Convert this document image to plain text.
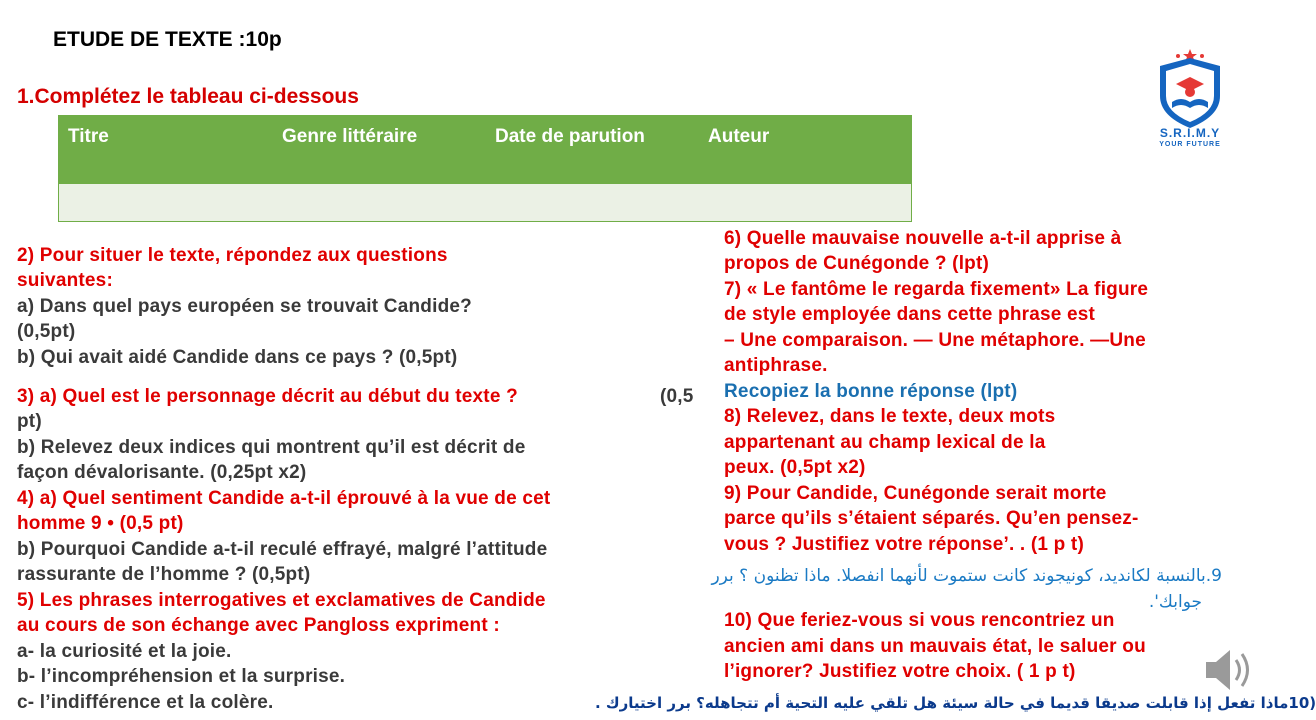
ETUDE DE TEXTE :10p
S.R.I.M.Y
YOUR FUTURE
1.Complétez le tableau ci-dessous
Titre	Genre littéraire	Date de parution	Auteur
2) Pour situer le texte, répondez aux questions
suivantes:
a) Dans quel pays européen se trouvait Candide?
(0,5pt)
b) Qui avait aidé Candide dans ce pays ? (0,5pt)
3) a) Quel est le personnage décrit au début du texte ?	(0,5
pt)
b) Relevez deux indices qui montrent qu’il est décrit de
façon dévalorisante. (0,25pt x2)
4) a) Quel sentiment Candide a-t-il éprouvé à la vue de cet
homme 9 • (0,5 pt)
b) Pourquoi Candide a-t-il reculé effrayé, malgré l’attitude
rassurante de l’homme ? (0,5pt)
5) Les phrases interrogatives et exclamatives de Candide
au cours de son échange avec Pangloss expriment :
a- la curiosité et la joie.
b- l’incompréhension et la surprise.
c- l’indifférence et la colère.
6) Quelle mauvaise nouvelle a-t-il apprise à
propos de Cunégonde ? (lpt)
7) « Le fantôme le regarda fixement» La figure
de style employée dans cette phrase est
– Une comparaison. — Une métaphore. —Une
antiphrase.
Recopiez la bonne réponse (lpt)
8) Relevez, dans le texte, deux mots
appartenant au champ lexical de la
peux. (0,5pt x2)
9) Pour Candide, Cunégonde serait morte
parce qu’ils s’étaient séparés. Qu’en pensez-
vous ? Justifiez votre réponse’. . (1 p t)
10) Que feriez-vous si vous rencontriez un
ancien ami dans un mauvais état, le saluer ou
l’ignorer? Justifiez votre choix. ( 1 p t)
9.بالنسبة لكانديد، كونيجوند كانت ستموت لأنهما انفصلا. ماذا تظنون ؟ برر
جوابك'.
(10ماذا تفعل إذا قابلت صديقا قديما في حالة سيئة هل تلقي عليه التحية أم تتجاهله؟ برر اختيارك .
